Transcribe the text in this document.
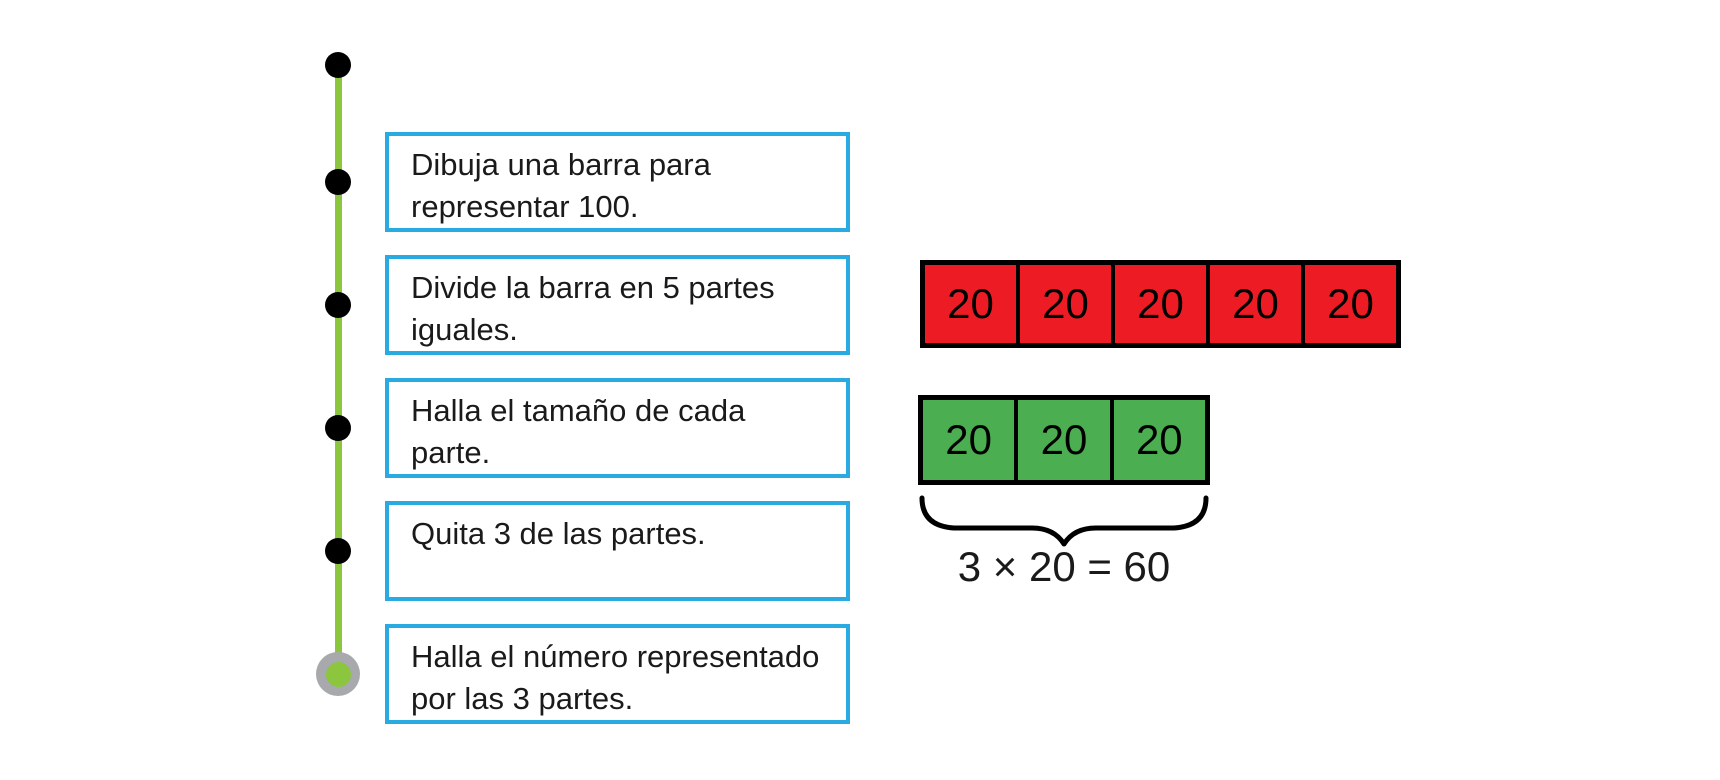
Dibuja una barra para representar 100.
Divide la barra en 5 partes iguales.
Halla el tamaño de cada parte.
Quita 3 de las partes.
Halla el número representado por las 3 partes.
20	20	20	20	20
20	20	20
3 × 20 = 60
